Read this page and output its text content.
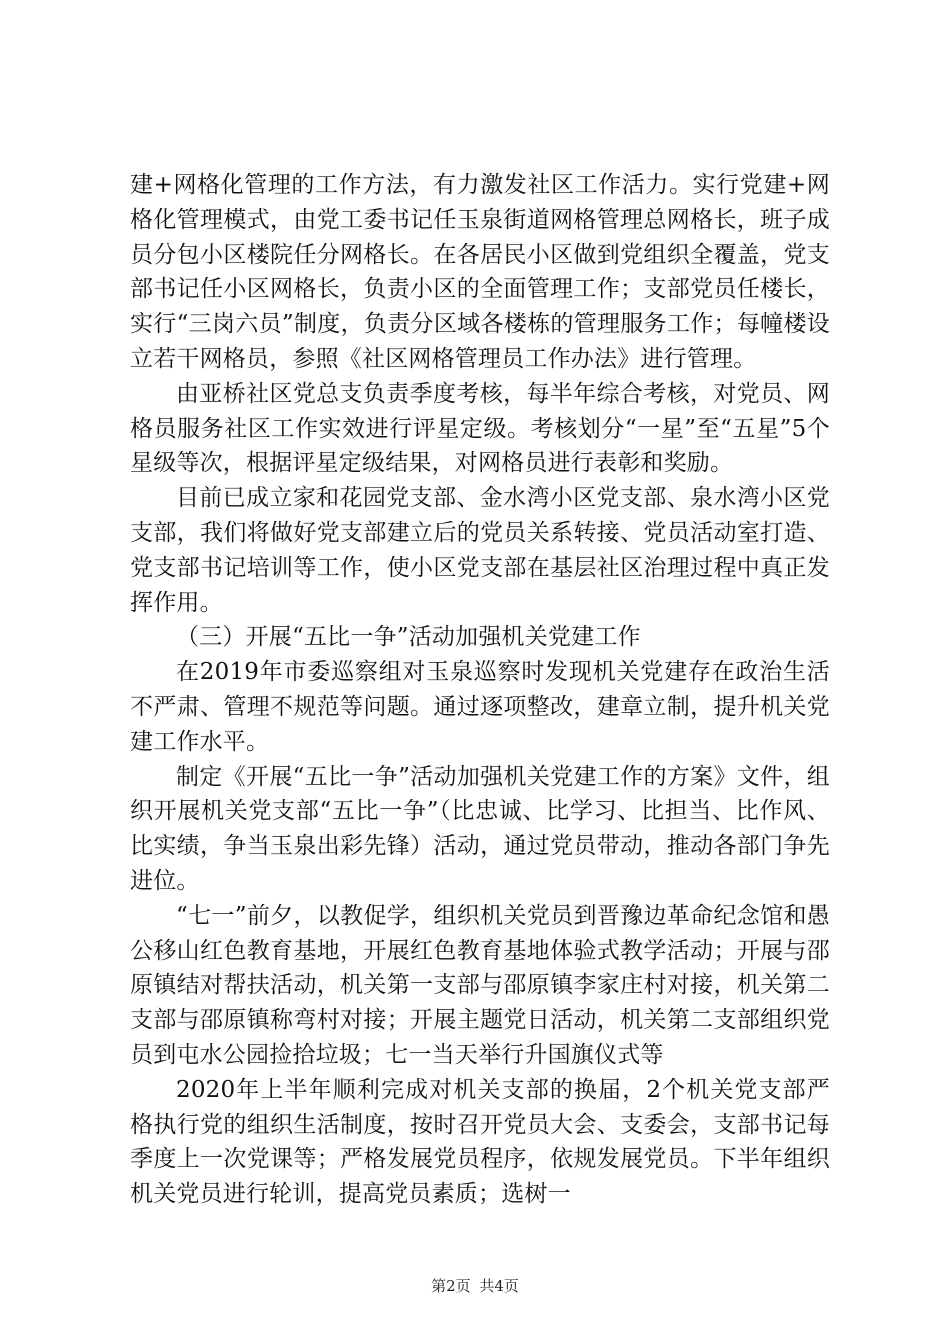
建+网格化管理的工作方法，有力激发社区工作活力。实行党建+网格化管理模式，由党工委书记任玉泉街道网格管理总网格长，班子成员分包小区楼院任分网格长。在各居民小区做到党组织全覆盖，党支部书记任小区网格长，负责小区的全面管理工作；支部党员任楼长，实行“三岗六员”制度，负责分区域各楼栋的管理服务工作；每幢楼设立若干网格员，参照《社区网格管理员工作办法》进行管理。

由亚桥社区党总支负责季度考核，每半年综合考核，对党员、网格员服务社区工作实效进行评星定级。考核划分“一星”至“五星”5个星级等次，根据评星定级结果，对网格员进行表彰和奖励。

目前已成立家和花园党支部、金水湾小区党支部、泉水湾小区党支部，我们将做好党支部建立后的党员关系转接、党员活动室打造、党支部书记培训等工作，使小区党支部在基层社区治理过程中真正发挥作用。

（三）开展“五比一争”活动加强机关党建工作

在2019年市委巡察组对玉泉巡察时发现机关党建存在政治生活不严肃、管理不规范等问题。通过逐项整改，建章立制，提升机关党建工作水平。

制定《开展“五比一争”活动加强机关党建工作的方案》文件，组织开展机关党支部“五比一争”（比忠诚、比学习、比担当、比作风、比实绩，争当玉泉出彩先锋）活动，通过党员带动，推动各部门争先进位。

“七一”前夕，以教促学，组织机关党员到晋豫边革命纪念馆和愚公移山红色教育基地，开展红色教育基地体验式教学活动；开展与邵原镇结对帮扶活动，机关第一支部与邵原镇李家庄村对接，机关第二支部与邵原镇称弯村对接；开展主题党日活动，机关第二支部组织党员到屯水公园捡拾垃圾；七一当天举行升国旗仪式等

2020年上半年顺利完成对机关支部的换届，2个机关党支部严格执行党的组织生活制度，按时召开党员大会、支委会，支部书记每季度上一次党课等；严格发展党员程序，依规发展党员。下半年组织机关党员进行轮训，提高党员素质；选树一

第2页 共4页
